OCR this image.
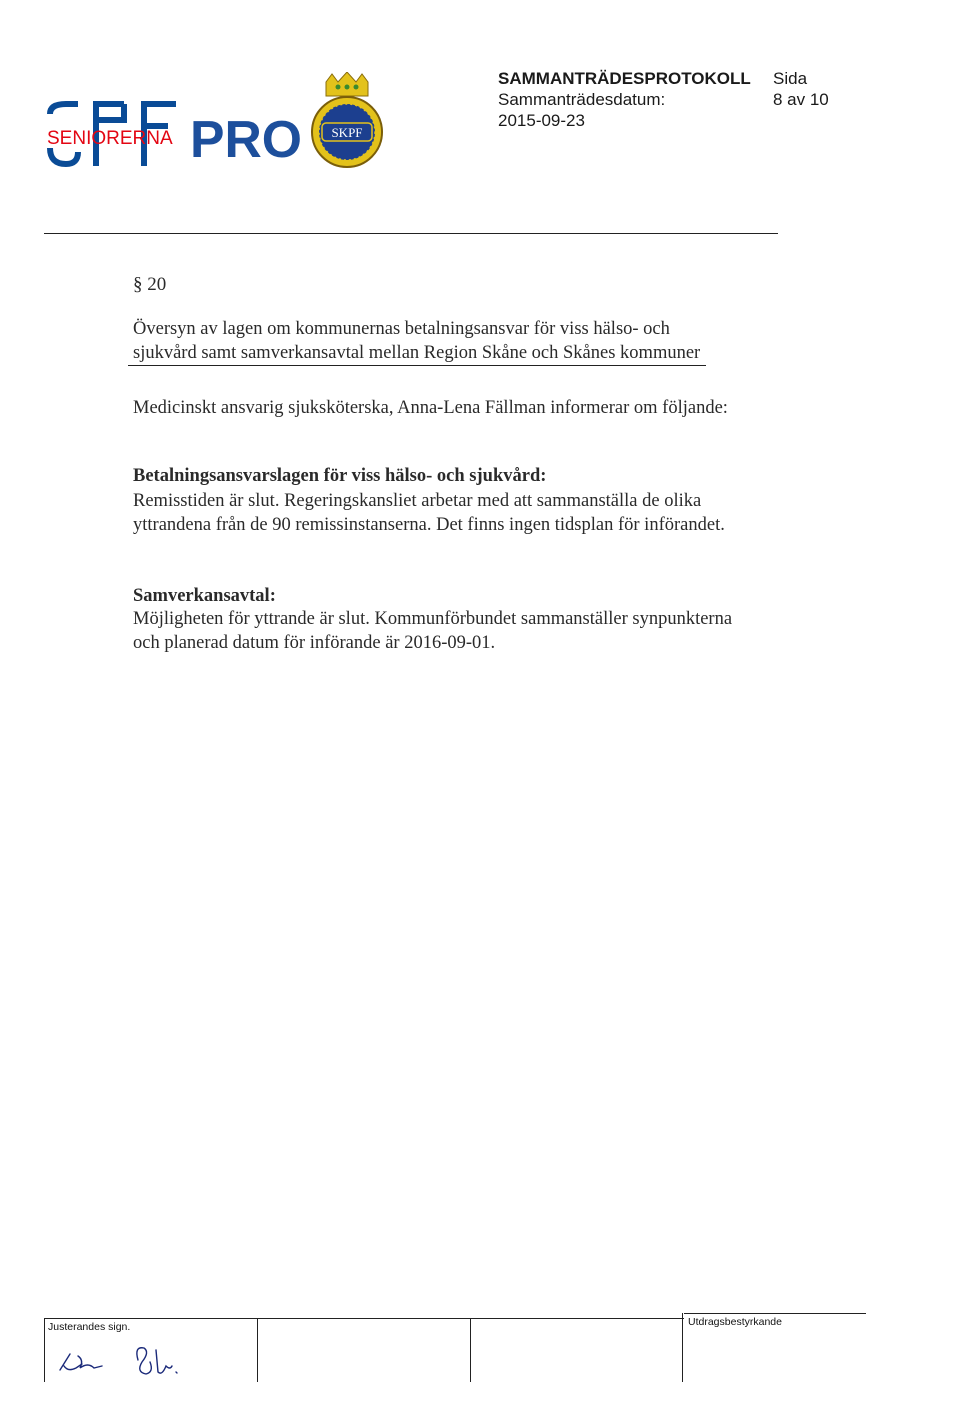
SENIORERNA PRO SKPF
SAMMANTRÄDESPROTOKOLL
Sammanträdesdatum:
2015-09-23
Sida
8 av 10
§ 20
Översyn av lagen om kommunernas betalningsansvar för viss hälso- och
sjukvård samt samverkansavtal mellan Region Skåne och Skånes kommuner
Medicinskt ansvarig sjuksköterska, Anna-Lena Fällman informerar om följande:
Betalningsansvarslagen för viss hälso- och sjukvård:
Remisstiden är slut. Regeringskansliet arbetar med att sammanställa de olika yttrandena från de 90 remissinstanserna. Det finns ingen tidsplan för införandet.
Samverkansavtal:
Möjligheten för yttrande är slut. Kommunförbundet sammanställer synpunkterna och planerad datum för införande är 2016-09-01.
Justerandes sign.	Utdragsbestyrkande
